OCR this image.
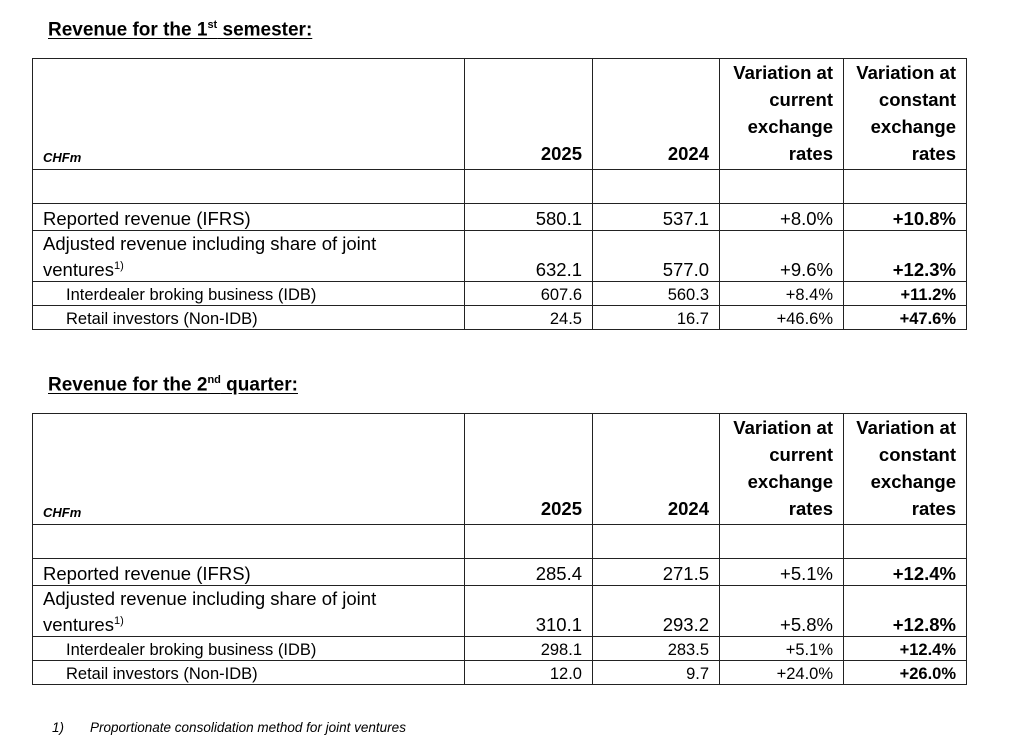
Revenue for the 1st semester:
CHFm	2025	2024	Variation at current exchange rates	Variation at constant exchange rates

Reported revenue (IFRS)	580.1	537.1	+8.0%	+10.8%
Adjusted revenue including share of joint ventures$^{1)}$	632.1	577.0	+9.6%	+12.3%
Interdealer broking business (IDB)	607.6	560.3	+8.4%	+11.2%
Retail investors (Non-IDB)	24.5	16.7	+46.6%	+47.6%
Revenue for the 2nd quarter:
CHFm	2025	2024	Variation at current exchange rates	Variation at constant exchange rates

Reported revenue (IFRS)	285.4	271.5	+5.1%	+12.4%
Adjusted revenue including share of joint ventures$^{1)}$	310.1	293.2	+5.8%	+12.8%
Interdealer broking business (IDB)	298.1	283.5	+5.1%	+12.4%
Retail investors (Non-IDB)	12.0	9.7	+24.0%	+26.0%
1) Proportionate consolidation method for joint ventures
